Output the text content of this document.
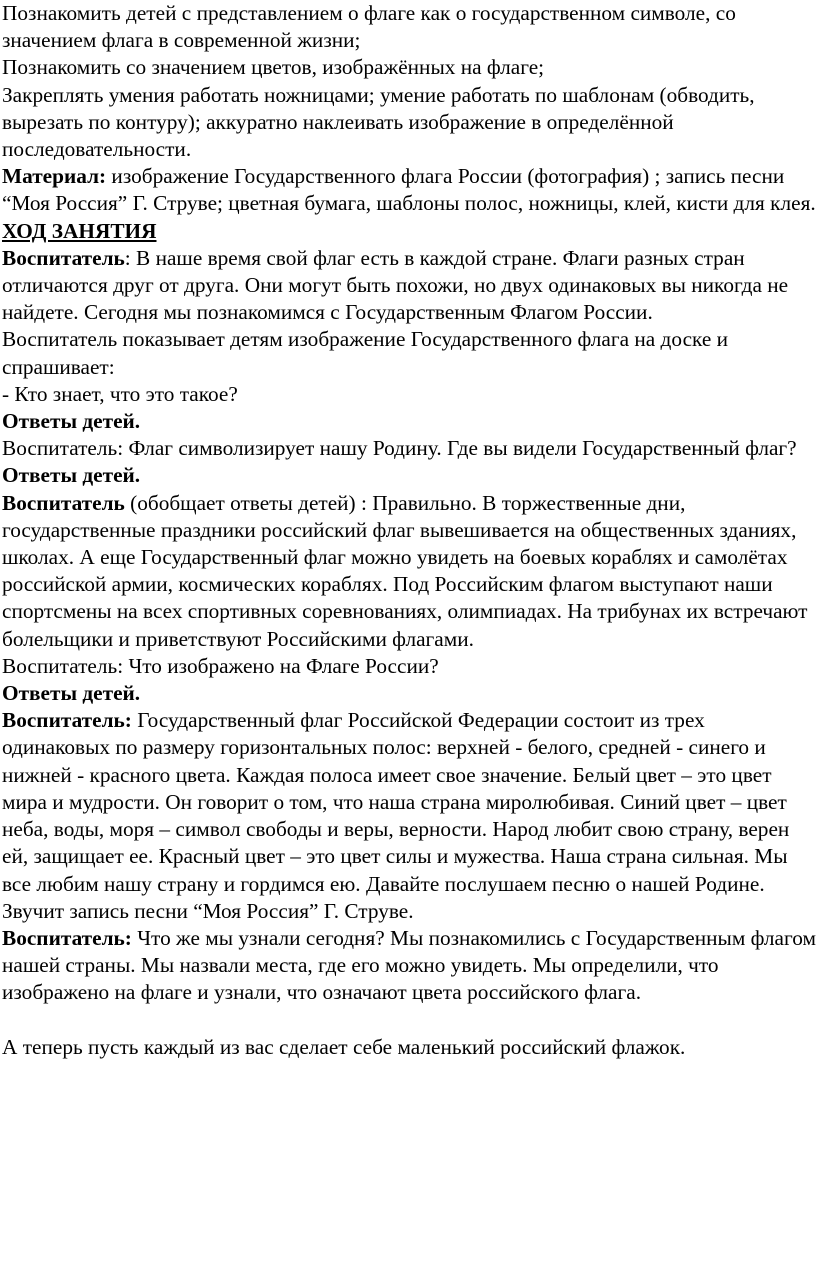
Познакомить детей с представлением о флаге как о государственном символе, со значением флага в современной жизни;

Познакомить со значением цветов, изображённых на флаге;

Закреплять умения работать ножницами; умение работать по шаблонам (обводить, вырезать по контуру); аккуратно наклеивать изображение в определённой последовательности.

Материал: изображение Государственного флага России (фотография) ; запись песни “Моя Россия” Г. Струве; цветная бумага, шаблоны полос, ножницы, клей, кисти для клея.

ХОД ЗАНЯТИЯ

Воспитатель: В наше время свой флаг есть в каждой стране. Флаги разных стран отличаются друг от друга. Они могут быть похожи, но двух одинаковых вы никогда не найдете. Сегодня мы познакомимся с Государственным Флагом России.

Воспитатель показывает детям изображение Государственного флага на доске и спрашивает:

- Кто знает, что это такое?

Ответы детей.

Воспитатель: Флаг символизирует нашу Родину. Где вы видели Государственный флаг?

Ответы детей.

Воспитатель (обобщает ответы детей) : Правильно. В торжественные дни, государственные праздники российский флаг вывешивается на общественных зданиях, школах. А еще Государственный флаг можно увидеть на боевых кораблях и самолётах российской армии, космических кораблях. Под Российским флагом выступают наши спортсмены на всех спортивных соревнованиях, олимпиадах. На трибунах их встречают болельщики и приветствуют Российскими флагами.

Воспитатель: Что изображено на Флаге России?

Ответы детей.

Воспитатель: Государственный флаг Российской Федерации состоит из трех одинаковых по размеру горизонтальных полос: верхней - белого, средней - синего и нижней - красного цвета. Каждая полоса имеет свое значение. Белый цвет – это цвет мира и мудрости. Он говорит о том, что наша страна миролюбивая. Синий цвет – цвет неба, воды, моря – символ свободы и веры, верности. Народ любит свою страну, верен ей, защищает ее. Красный цвет – это цвет силы и мужества. Наша страна сильная. Мы все любим нашу страну и гордимся ею. Давайте послушаем песню о нашей Родине.

Звучит запись песни “Моя Россия” Г. Струве.

Воспитатель: Что же мы узнали сегодня? Мы познакомились с Государственным флагом нашей страны. Мы назвали места, где его можно увидеть. Мы определили, что изображено на флаге и узнали, что означают цвета российского флага.

А теперь пусть каждый из вас сделает себе маленький российский флажок.
